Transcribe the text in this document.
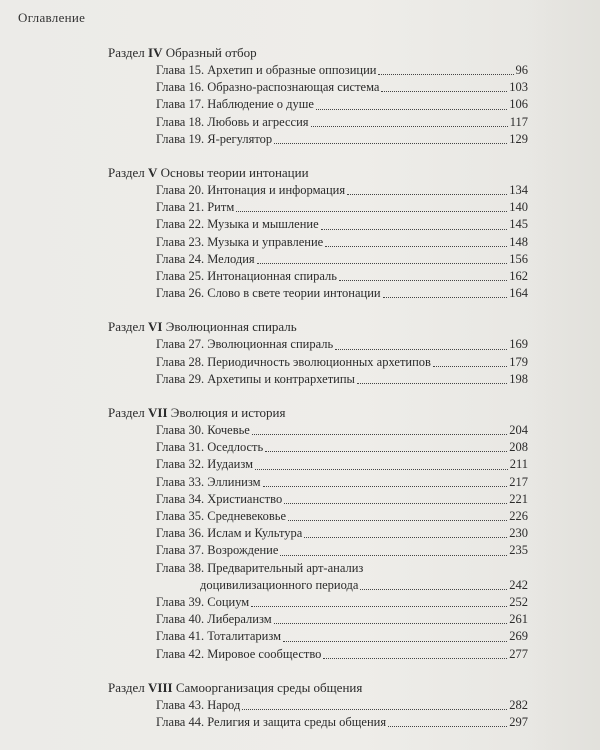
Оглавление
Раздел IV Образный отбор
Глава 15. Архетип и образные оппозиции	96
Глава 16. Образно-распознающая система	103
Глава 17. Наблюдение о душе	106
Глава 18. Любовь и агрессия	117
Глава 19. Я-регулятор	129
Раздел V Основы теории интонации
Глава 20. Интонация и информация	134
Глава 21. Ритм	140
Глава 22. Музыка и мышление	145
Глава 23. Музыка и управление	148
Глава 24. Мелодия	156
Глава 25. Интонационная спираль	162
Глава 26. Слово в свете теории интонации	164
Раздел VI Эволюционная спираль
Глава 27. Эволюционная спираль	169
Глава 28. Периодичность эволюционных архетипов	179
Глава 29. Архетипы и контрархетипы	198
Раздел VII Эволюция и история
Глава 30. Кочевье	204
Глава 31. Оседлость	208
Глава 32. Иудаизм	211
Глава 33. Эллинизм	217
Глава 34. Христианство	221
Глава 35. Средневековье	226
Глава 36. Ислам и Культура	230
Глава 37. Возрождение	235
Глава 38. Предварительный арт-анализ
доцивилизационного периода	242
Глава 39. Социум	252
Глава 40. Либерализм	261
Глава 41. Тоталитаризм	269
Глава 42. Мировое сообщество	277
Раздел VIII Самоорганизация среды общения
Глава 43. Народ	282
Глава 44. Религия и защита среды общения	297
